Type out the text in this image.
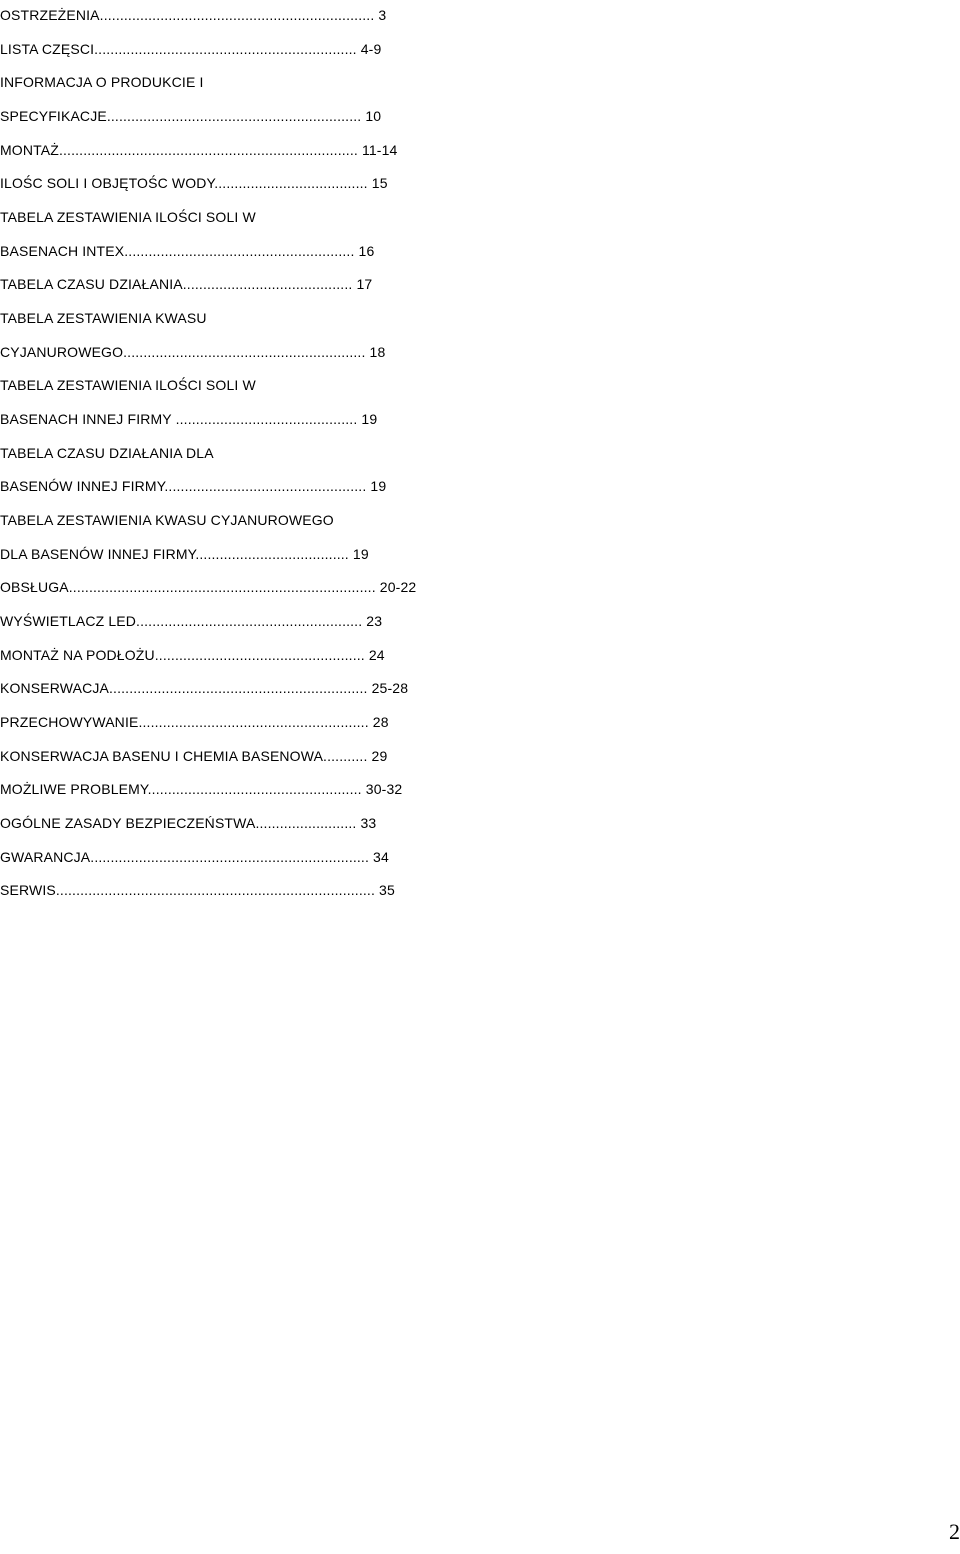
OSTRZEŻENIA.................................................................... 3
LISTA CZĘSCI................................................................. 4-9
INFORMACJA O PRODUKCIE I
SPECYFIKACJE............................................................... 10
MONTAŻ.......................................................................... 11-14
ILOŚC SOLI I OBJĘTOŚC WODY...................................... 15
TABELA ZESTAWIENIA ILOŚCI SOLI W
BASENACH INTEX......................................................... 16
TABELA CZASU DZIAŁANIA.......................................... 17
TABELA ZESTAWIENIA KWASU
CYJANUROWEGO............................................................ 18
TABELA ZESTAWIENIA ILOŚCI SOLI W
BASENACH INNEJ FIRMY ............................................. 19
TABELA CZASU DZIAŁANIA DLA
BASENÓW INNEJ FIRMY.................................................. 19
TABELA ZESTAWIENIA KWASU CYJANUROWEGO
DLA BASENÓW INNEJ FIRMY...................................... 19
OBSŁUGA............................................................................ 20-22
WYŚWIETLACZ LED........................................................ 23
MONTAŻ NA PODŁOŻU.................................................... 24
KONSERWACJA................................................................ 25-28
PRZECHOWYWANIE......................................................... 28
KONSERWACJA BASENU I CHEMIA BASENOWA........... 29
MOŻLIWE PROBLEMY..................................................... 30-32
OGÓLNE ZASADY BEZPIECZEŃSTWA......................... 33
GWARANCJA..................................................................... 34
SERWIS............................................................................... 35
2
